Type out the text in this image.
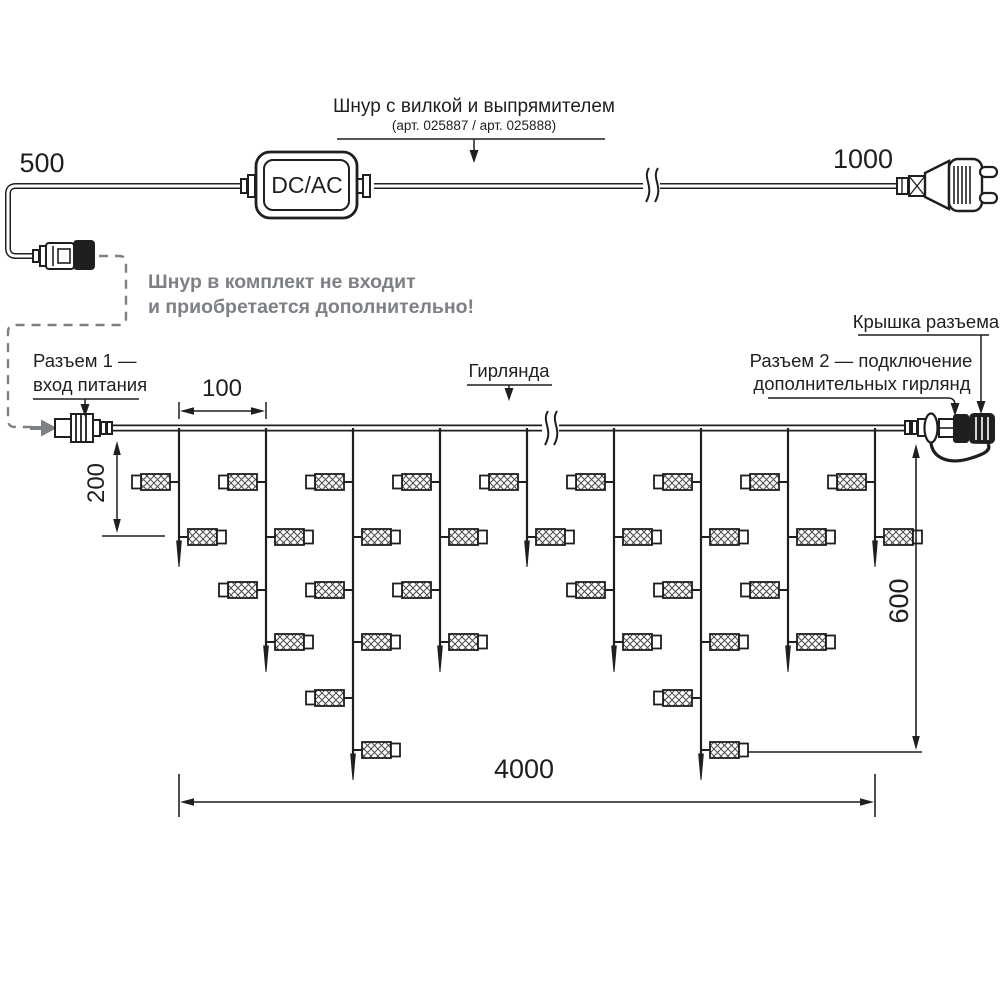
DC/AC
Шнур с вилкой и выпрямителем
(арт. 025887 / арт. 025888)
500	1000
Шнур в комплект не входит
и приобретается дополнительно!
Разъем 1 —
вход питания
Гирлянда	Разъем 2 — подключение
дополнительных гирлянд
Крышка разъема
100
200
600
4000
